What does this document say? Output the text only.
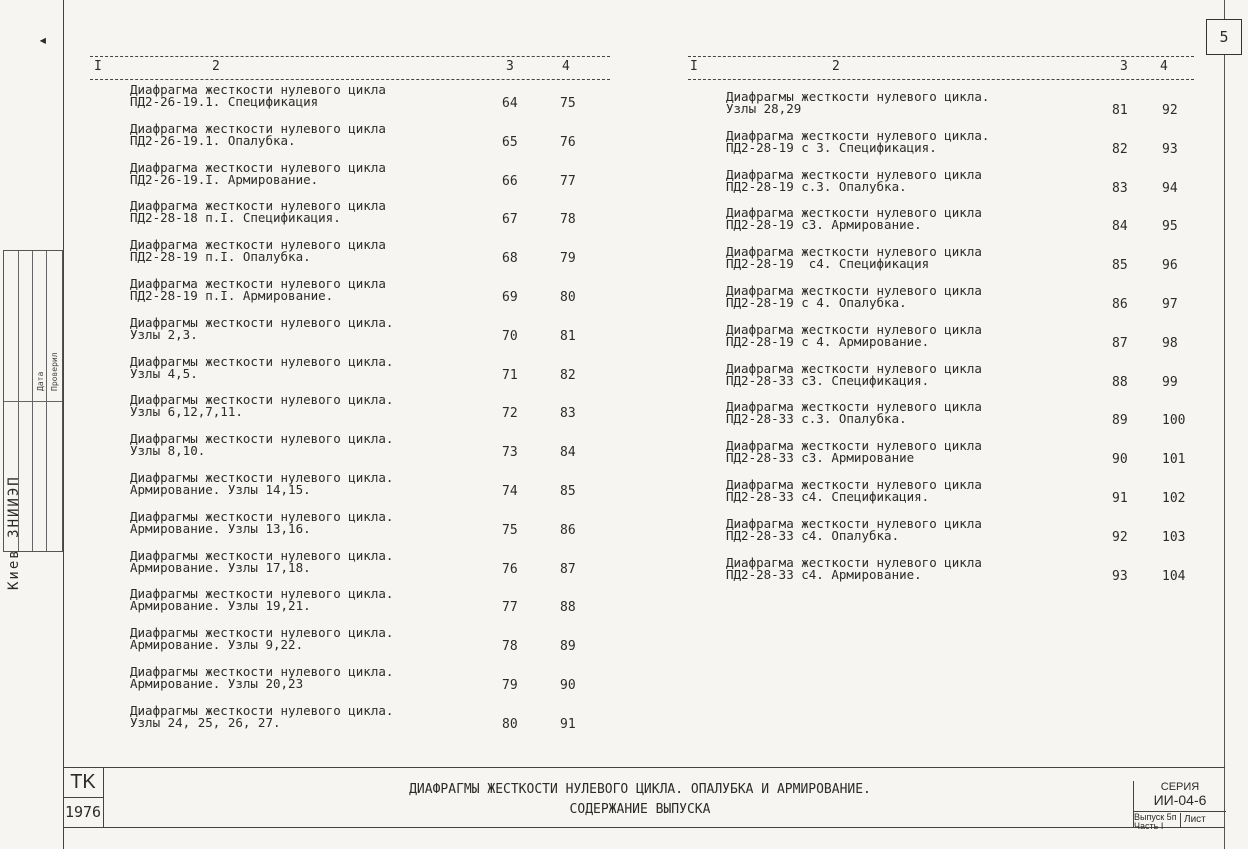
5
◂
Дата Проверил
Киев ЗНИИЭП
I	2	3	4	I	2	3 4
Диафрагма жесткости нулевого цикла
ПД2-26-19.1. Спецификация	64	75
Диафрагма жесткости нулевого цикла
ПД2-26-19.1. Опалубка.	65	76
Диафрагма жесткости нулевого цикла
ПД2-26-19.I. Армирование.	66	77
Диафрагма жесткости нулевого цикла
ПД2-28-18 п.I. Спецификация.	67	78
Диафрагма жесткости нулевого цикла
ПД2-28-19 п.I. Опалубка.	68	79
Диафрагма жесткости нулевого цикла
ПД2-28-19 п.I. Армирование.	69	80
Диафрагмы жесткости нулевого цикла.
Узлы 2,3.	70	81
Диафрагмы жесткости нулевого цикла.
Узлы 4,5.	71	82
Диафрагмы жесткости нулевого цикла.
Узлы 6,12,7,11.	72	83
Диафрагмы жесткости нулевого цикла.
Узлы 8,10.	73	84
Диафрагмы жесткости нулевого цикла.
Армирование. Узлы 14,15.	74	85
Диафрагмы жесткости нулевого цикла.
Армирование. Узлы 13,16.	75	86
Диафрагмы жесткости нулевого цикла.
Армирование. Узлы 17,18.	76	87
Диафрагмы жесткости нулевого цикла.
Армирование. Узлы 19,21.	77	88
Диафрагмы жесткости нулевого цикла.
Армирование. Узлы 9,22.	78	89
Диафрагмы жесткости нулевого цикла.
Армирование. Узлы 20,23	79	90
Диафрагмы жесткости нулевого цикла.
Узлы 24, 25, 26, 27.	80	91
Диафрагмы жесткости нулевого цикла.
Узлы 28,29	81	92
Диафрагма жесткости нулевого цикла.
ПД2-28-19 с 3. Спецификация.	82	93
Диафрагма жесткости нулевого цикла
ПД2-28-19 с.3. Опалубка.	83	94
Диафрагма жесткости нулевого цикла
ПД2-28-19 с3. Армирование.	84	95
Диафрагма жесткости нулевого цикла
ПД2-28-19  с4. Спецификация	85	96
Диафрагма жесткости нулевого цикла
ПД2-28-19 с 4. Опалубка.	86	97
Диафрагма жесткости нулевого цикла
ПД2-28-19 с 4. Армирование.	87	98
Диафрагма жесткости нулевого цикла
ПД2-28-33 с3. Спецификация.	88	99
Диафрагма жесткости нулевого цикла
ПД2-28-33 с.3. Опалубка.	89	100
Диафрагма жесткости нулевого цикла
ПД2-28-33 с3. Армирование	90	101
Диафрагма жесткости нулевого цикла
ПД2-28-33 с4. Спецификация.	91	102
Диафрагма жесткости нулевого цикла
ПД2-28-33 с4. Опалубка.	92	103
Диафрагма жесткости нулевого цикла
ПД2-28-33 с4. Армирование.	93	104
TK
1976
ДИАФРАГМЫ ЖЕСТКОСТИ НУЛЕВОГО ЦИКЛА. ОПАЛУБКА И АРМИРОВАНИЕ.
СОДЕРЖАНИЕ ВЫПУСКА
СЕРИЯ
ИИ-04-6
Выпуск 5п Часть I
Лист
